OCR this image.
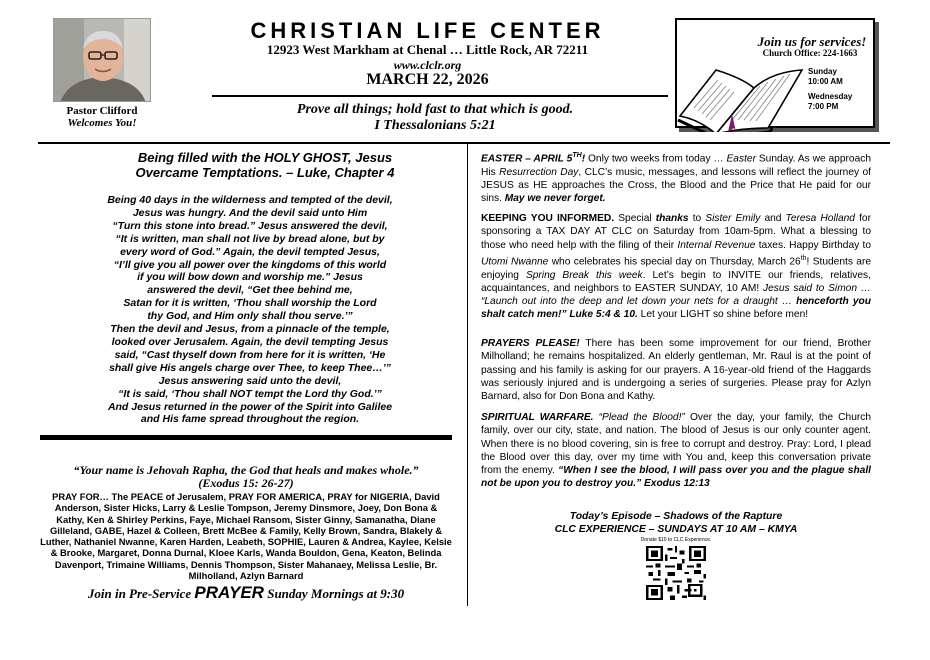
Pastor Clifford
Welcomes You!
CHRISTIAN LIFE CENTER
12923 West Markham at Chenal … Little Rock, AR 72211
www.clclr.org
MARCH 22, 2026
Prove all things; hold fast to that which is good.
I Thessalonians 5:21
Join us for services!
Church Office: 224-1663
Sunday
10:00 AM
Wednesday
7:00 PM
Being filled with the HOLY GHOST, Jesus
Overcame Temptations. – Luke, Chapter 4
Being 40 days in the wilderness and tempted of the devil,
Jesus was hungry. And the devil said unto Him
“Turn this stone into bread.” Jesus answered the devil,
“It is written, man shall not live by bread alone, but by
every word of God.” Again, the devil tempted Jesus,
“I’ll give you all power over the kingdoms of this world
if you will bow down and worship me.” Jesus
answered the devil, “Get thee behind me,
Satan for it is written, ‘Thou shall worship the Lord
thy God, and Him only shall thou serve.’”
Then the devil and Jesus, from a pinnacle of the temple,
looked over Jerusalem. Again, the devil tempting Jesus
said, “Cast thyself down from here for it is written, ‘He
shall give His angels charge over Thee, to keep Thee…’”
Jesus answering said unto the devil,
“It is said, ‘Thou shall NOT tempt the Lord thy God.’”
And Jesus returned in the power of the Spirit into Galilee
and His fame spread throughout the region.
“Your name is Jehovah Rapha, the God that heals and makes whole.”
(Exodus 15: 26-27)
PRAY FOR… The PEACE of Jerusalem, PRAY FOR AMERICA, PRAY for NIGERIA, David Anderson, Sister Hicks, Larry & Leslie Tompson, Jeremy Dinsmore, Joey, Don Bona & Kathy, Ken & Shirley Perkins, Faye, Michael Ransom, Sister Ginny, Samanatha, Diane Gilleland, GABE, Hazel & Colleen, Brett McBee & Family, Kelly Brown, Sandra, Blakely & Luther, Nathaniel Nwanne, Karen Harden, Leabeth, SOPHIE, Lauren & Andrea, Kaylee, Kelsie & Brooke, Margaret, Donna Durnal, Kloee Karls, Wanda Bouldon, Gena, Keaton, Belinda Davenport, Trimaine Williams, Dennis Thompson, Sister Mahanaey, Melissa Leslie, Br. Milholland, Azlyn Barnard
Join in Pre-Service PRAYER Sunday Mornings at 9:30
EASTER – APRIL 5TH! Only two weeks from today … Easter Sunday. As we approach His Resurrection Day, CLC’s music, messages, and lessons will reflect the journey of JESUS as HE approaches the Cross, the Blood and the Price that He paid for our sins. May we never forget.
KEEPING YOU INFORMED. Special thanks to Sister Emily and Teresa Holland for sponsoring a TAX DAY AT CLC on Saturday from 10am-5pm. What a blessing to those who need help with the filing of their Internal Revenue taxes. Happy Birthday to Utomi Nwanne who celebrates his special day on Thursday, March 26th! Students are enjoying Spring Break this week. Let’s begin to INVITE our friends, relatives, acquaintances, and neighbors to EASTER SUNDAY, 10 AM! Jesus said to Simon … “Launch out into the deep and let down your nets for a draught … henceforth you shalt catch men!” Luke 5:4 & 10. Let your LIGHT so shine before men!
PRAYERS PLEASE! There has been some improvement for our friend, Brother Milholland; he remains hospitalized. An elderly gentleman, Mr. Raul is at the point of passing and his family is asking for our prayers. A 16-year-old friend of the Haggards was seriously injured and is undergoing a series of surgeries. Please pray for Azlyn Barnard, also for Don Bona and Kathy.
SPIRITUAL WARFARE. “Plead the Blood!” Over the day, your family, the Church family, over our city, state, and nation. The blood of Jesus is our only counter agent. When there is no blood covering, sin is free to corrupt and destroy. Pray: Lord, I plead the Blood over this day, over my time with You and, keep this conversation private from the enemy. “When I see the blood, I will pass over you and the plague shall not be upon you to destroy you.” Exodus 12:13
Today’s Episode – Shadows of the Rapture
CLC EXPERIENCE – SUNDAYS AT 10 AM – KMYA
Donate $10 to CLC Experience.
